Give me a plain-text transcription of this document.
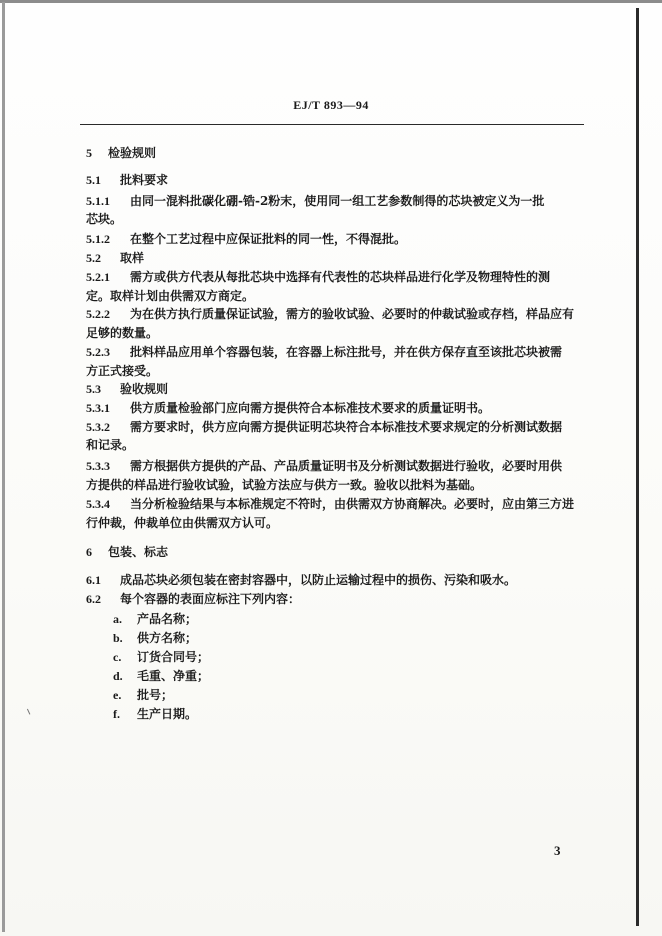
EJ/T 893—94
5 检验规则
5.1 批料要求
5.1.1 由同一混料批碳化硼-锆-2粉末，使用同一组工艺参数制得的芯块被定义为一批
芯块。
5.1.2 在整个工艺过程中应保证批料的同一性，不得混批。
5.2 取样
5.2.1 需方或供方代表从每批芯块中选择有代表性的芯块样品进行化学及物理特性的测
定。取样计划由供需双方商定。
5.2.2 为在供方执行质量保证试验，需方的验收试验、必要时的仲裁试验或存档，样品应有
足够的数量。
5.2.3 批料样品应用单个容器包装，在容器上标注批号，并在供方保存直至该批芯块被需
方正式接受。
5.3 验收规则
5.3.1 供方质量检验部门应向需方提供符合本标准技术要求的质量证明书。
5.3.2 需方要求时，供方应向需方提供证明芯块符合本标准技术要求规定的分析测试数据
和记录。
5.3.3 需方根据供方提供的产品、产品质量证明书及分析测试数据进行验收，必要时用供
方提供的样品进行验收试验，试验方法应与供方一致。验收以批料为基础。
5.3.4 当分析检验结果与本标准规定不符时，由供需双方协商解决。必要时，应由第三方进
行仲裁，仲裁单位由供需双方认可。
6 包装、标志
6.1 成品芯块必须包装在密封容器中，以防止运输过程中的损伤、污染和吸水。
6.2 每个容器的表面应标注下列内容：
a. 产品名称；
b. 供方名称；
c. 订货合同号；
d. 毛重、净重；
e. 批号；
f. 生产日期。
3
